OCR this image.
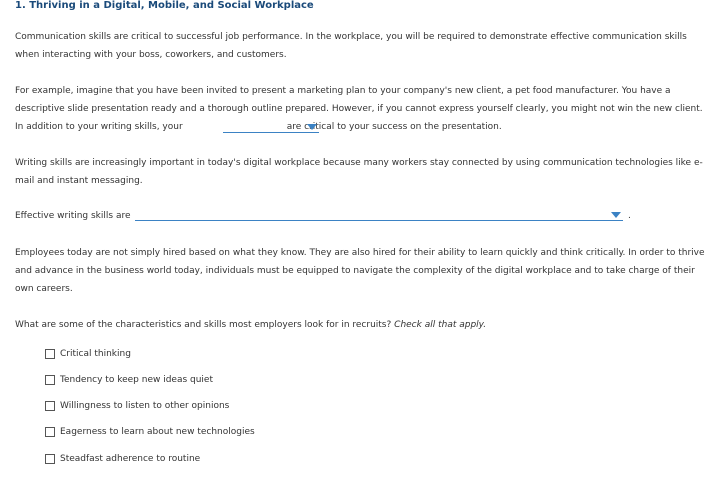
1. Thriving in a Digital, Mobile, and Social Workplace
Communication skills are critical to successful job performance. In the workplace, you will be required to demonstrate effective communication skills when interacting with your boss, coworkers, and customers.
For example, imagine that you have been invited to present a marketing plan to your company's new client, a pet food manufacturer. You have a descriptive slide presentation ready and a thorough outline prepared. However, if you cannot express yourself clearly, you might not win the new client. In addition to your writing skills, your	are critical to your success on the presentation.
Writing skills are increasingly important in today's digital workplace because many workers stay connected by using communication technologies like e-mail and instant messaging.
Effective writing skills are	.
Employees today are not simply hired based on what they know. They are also hired for their ability to learn quickly and think critically. In order to thrive and advance in the business world today, individuals must be equipped to navigate the complexity of the digital workplace and to take charge of their own careers.
What are some of the characteristics and skills most employers look for in recruits? Check all that apply.
Critical thinking
Tendency to keep new ideas quiet
Willingness to listen to other opinions
Eagerness to learn about new technologies
Steadfast adherence to routine
